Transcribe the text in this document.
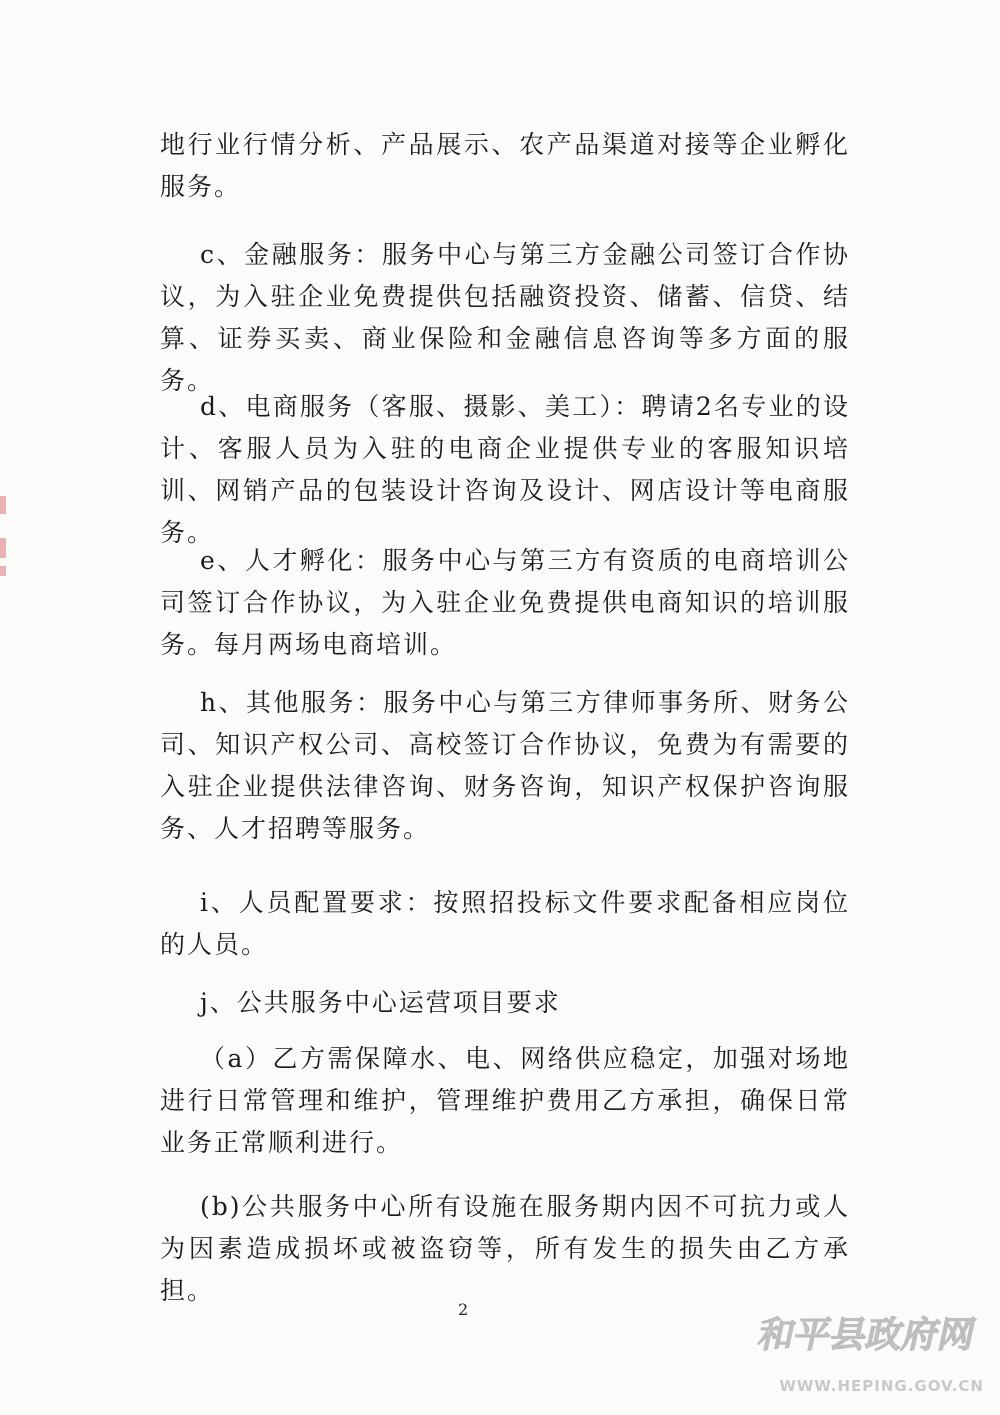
地行业行情分析、产品展示、农产品渠道对接等企业孵化服务。

c、金融服务：服务中心与第三方金融公司签订合作协议，为入驻企业免费提供包括融资投资、储蓄、信贷、结算、证券买卖、商业保险和金融信息咨询等多方面的服务。

d、电商服务（客服、摄影、美工）：聘请2名专业的设计、客服人员为入驻的电商企业提供专业的客服知识培训、网销产品的包装设计咨询及设计、网店设计等电商服务。

e、人才孵化：服务中心与第三方有资质的电商培训公司签订合作协议，为入驻企业免费提供电商知识的培训服务。每月两场电商培训。

h、其他服务：服务中心与第三方律师事务所、财务公司、知识产权公司、高校签订合作协议，免费为有需要的入驻企业提供法律咨询、财务咨询，知识产权保护咨询服务、人才招聘等服务。

i、人员配置要求：按照招投标文件要求配备相应岗位的人员。

j、公共服务中心运营项目要求

（a）乙方需保障水、电、网络供应稳定，加强对场地进行日常管理和维护，管理维护费用乙方承担，确保日常业务正常顺利进行。

(b)公共服务中心所有设施在服务期内因不可抗力或人为因素造成损坏或被盗窃等，所有发生的损失由乙方承担。

2
和平县政府网
WWW.HEPING.GOV.CN
